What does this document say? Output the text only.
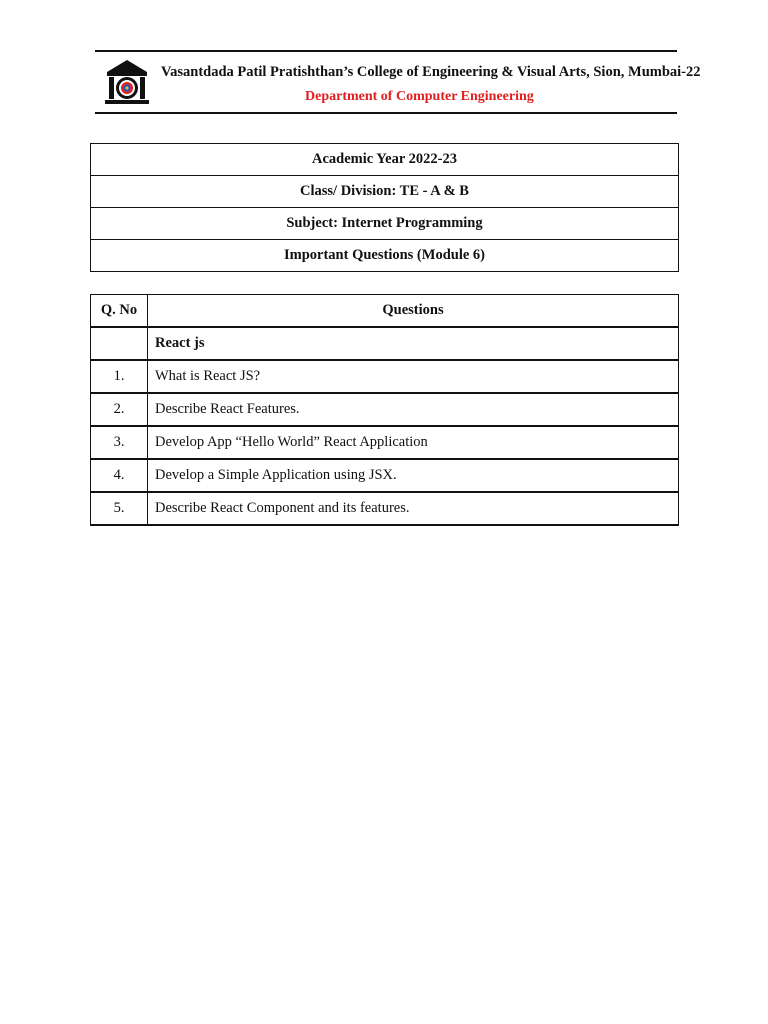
Vasantdada Patil Pratishthan’s College of Engineering & Visual Arts, Sion, Mumbai-22
Department of Computer Engineering
Academic Year 2022-23
Class/ Division: TE - A & B
Subject: Internet Programming
Important Questions (Module 6)
Q. No	Questions
	React js
1.	What is React JS?
2.	Describe React Features.
3.	Develop App “Hello World” React Application
4.	Develop a Simple Application using JSX.
5.	Describe React Component and its features.
